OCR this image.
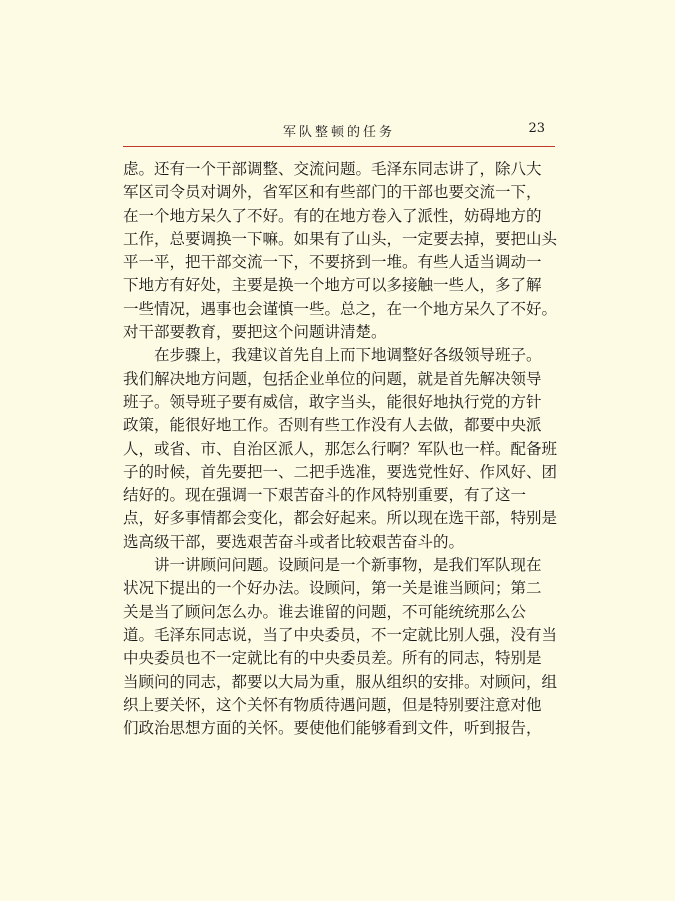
军队整顿的任务	23
虑。还有一个干部调整、交流问题。毛泽东同志讲了，除八大
军区司令员对调外，省军区和有些部门的干部也要交流一下，
在一个地方呆久了不好。有的在地方卷入了派性，妨碍地方的
工作，总要调换一下嘛。如果有了山头，一定要去掉，要把山头
平一平，把干部交流一下，不要挤到一堆。有些人适当调动一
下地方有好处，主要是换一个地方可以多接触一些人，多了解
一些情况，遇事也会谨慎一些。总之，在一个地方呆久了不好。
对干部要教育，要把这个问题讲清楚。
在步骤上，我建议首先自上而下地调整好各级领导班子。
我们解决地方问题，包括企业单位的问题，就是首先解决领导
班子。领导班子要有威信，敢字当头，能很好地执行党的方针
政策，能很好地工作。否则有些工作没有人去做，都要中央派
人，或省、市、自治区派人，那怎么行啊？军队也一样。配备班
子的时候，首先要把一、二把手选准，要选党性好、作风好、团
结好的。现在强调一下艰苦奋斗的作风特别重要，有了这一
点，好多事情都会变化，都会好起来。所以现在选干部，特别是
选高级干部，要选艰苦奋斗或者比较艰苦奋斗的。
讲一讲顾问问题。设顾问是一个新事物，是我们军队现在
状况下提出的一个好办法。设顾问，第一关是谁当顾问；第二
关是当了顾问怎么办。谁去谁留的问题，不可能统统那么公
道。毛泽东同志说，当了中央委员，不一定就比别人强，没有当
中央委员也不一定就比有的中央委员差。所有的同志，特别是
当顾问的同志，都要以大局为重，服从组织的安排。对顾问，组
织上要关怀，这个关怀有物质待遇问题，但是特别要注意对他
们政治思想方面的关怀。要使他们能够看到文件，听到报告，
